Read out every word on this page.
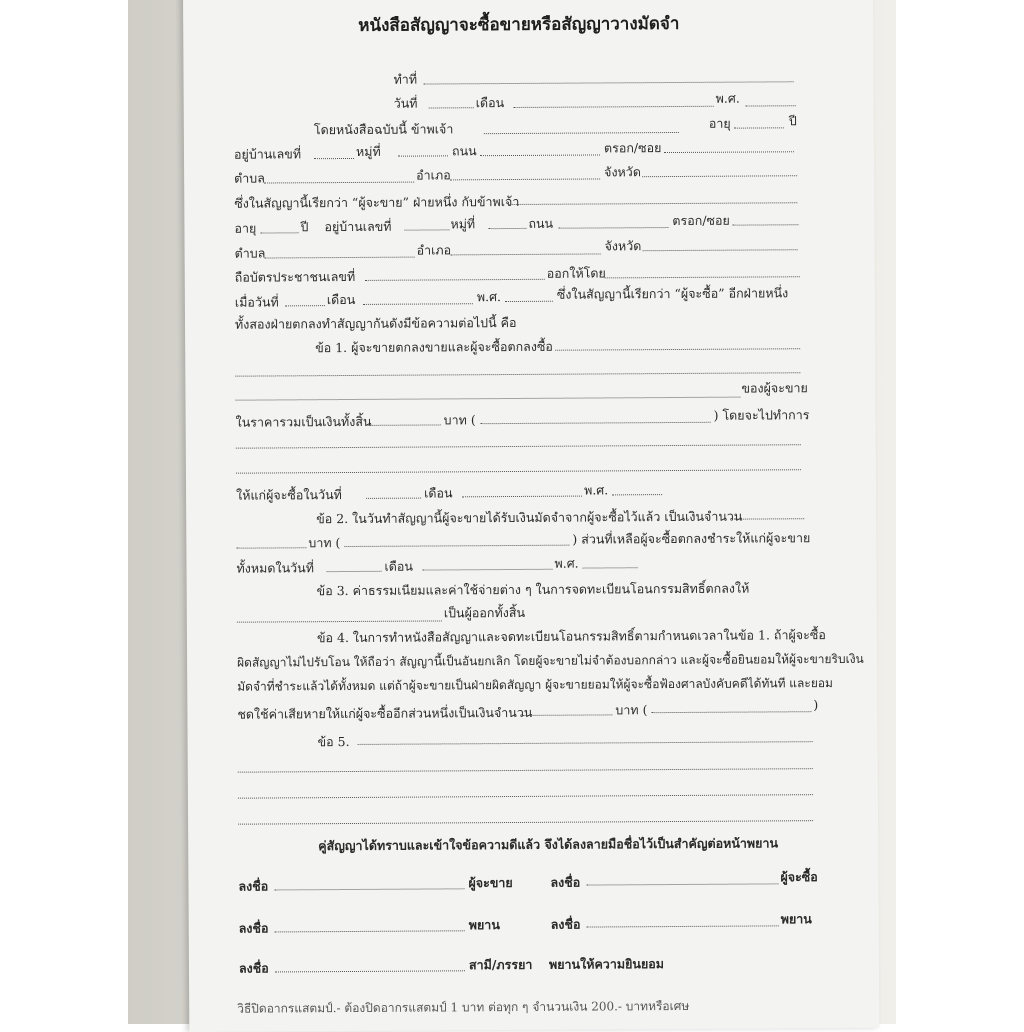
หนังสือสัญญาจะซื้อขายหรือสัญญาวางมัดจำ
ทำที่
วันที่	เดือน	พ.ศ.
โดยหนังสือฉบับนี้ ข้าพเจ้า	อายุ	ปี
อยู่บ้านเลขที่	หมู่ที่	ถนน	ตรอก/ซอย
ตำบล	อำเภอ	จังหวัด
ซึ่งในสัญญานี้เรียกว่า “ผู้จะขาย” ฝ่ายหนึ่ง กับข้าพเจ้า
อายุ	ปี อยู่บ้านเลขที่	หมู่ที่	ถนน	ตรอก/ซอย
ตำบล	อำเภอ	จังหวัด
ถือบัตรประชาชนเลขที่	ออกให้โดย
เมื่อวันที่	เดือน	พ.ศ.	ซึ่งในสัญญานี้เรียกว่า “ผู้จะซื้อ” อีกฝ่ายหนึ่ง
ทั้งสองฝ่ายตกลงทำสัญญากันดังมีข้อความต่อไปนี้ คือ
ข้อ 1. ผู้จะขายตกลงขายและผู้จะซื้อตกลงซื้อ
ของผู้จะขาย
ในราคารวมเป็นเงินทั้งสิ้น	บาท (	) โดยจะไปทำการ
ให้แก่ผู้จะซื้อในวันที่	เดือน	พ.ศ.
ข้อ 2. ในวันทำสัญญานี้ผู้จะขายได้รับเงินมัดจำจากผู้จะซื้อไว้แล้ว เป็นเงินจำนวน
บาท (	) ส่วนที่เหลือผู้จะซื้อตกลงชำระให้แก่ผู้จะขาย
ทั้งหมดในวันที่	เดือน	พ.ศ.
ข้อ 3. ค่าธรรมเนียมและค่าใช้จ่ายต่าง ๆ ในการจดทะเบียนโอนกรรมสิทธิ์ตกลงให้
เป็นผู้ออกทั้งสิ้น
ข้อ 4. ในการทำหนังสือสัญญาและจดทะเบียนโอนกรรมสิทธิ์ตามกำหนดเวลาในข้อ 1. ถ้าผู้จะซื้อ
ผิดสัญญาไม่ไปรับโอน ให้ถือว่า สัญญานี้เป็นอันยกเลิก โดยผู้จะขายไม่จำต้องบอกกล่าว และผู้จะซื้อยินยอมให้ผู้จะขายริบเงิน
มัดจำที่ชำระแล้วได้ทั้งหมด แต่ถ้าผู้จะขายเป็นฝ่ายผิดสัญญา ผู้จะขายยอมให้ผู้จะซื้อฟ้องศาลบังคับคดีได้ทันที และยอม
ชดใช้ค่าเสียหายให้แก่ผู้จะซื้ออีกส่วนหนึ่งเป็นเงินจำนวน	บาท (	)
ข้อ 5.
คู่สัญญาได้ทราบและเข้าใจข้อความดีแล้ว จึงได้ลงลายมือชื่อไว้เป็นสำคัญต่อหน้าพยาน
ลงชื่อ	ผู้จะขาย	ลงชื่อ	ผู้จะซื้อ
ลงชื่อ	พยาน	ลงชื่อ	พยาน
ลงชื่อ	สามี/ภรรยา พยานให้ความยินยอม
วิธีปิดอากรแสตมป์.- ต้องปิดอากรแสตมป์ 1 บาท ต่อทุก ๆ จำนวนเงิน 200.- บาทหรือเศษ
